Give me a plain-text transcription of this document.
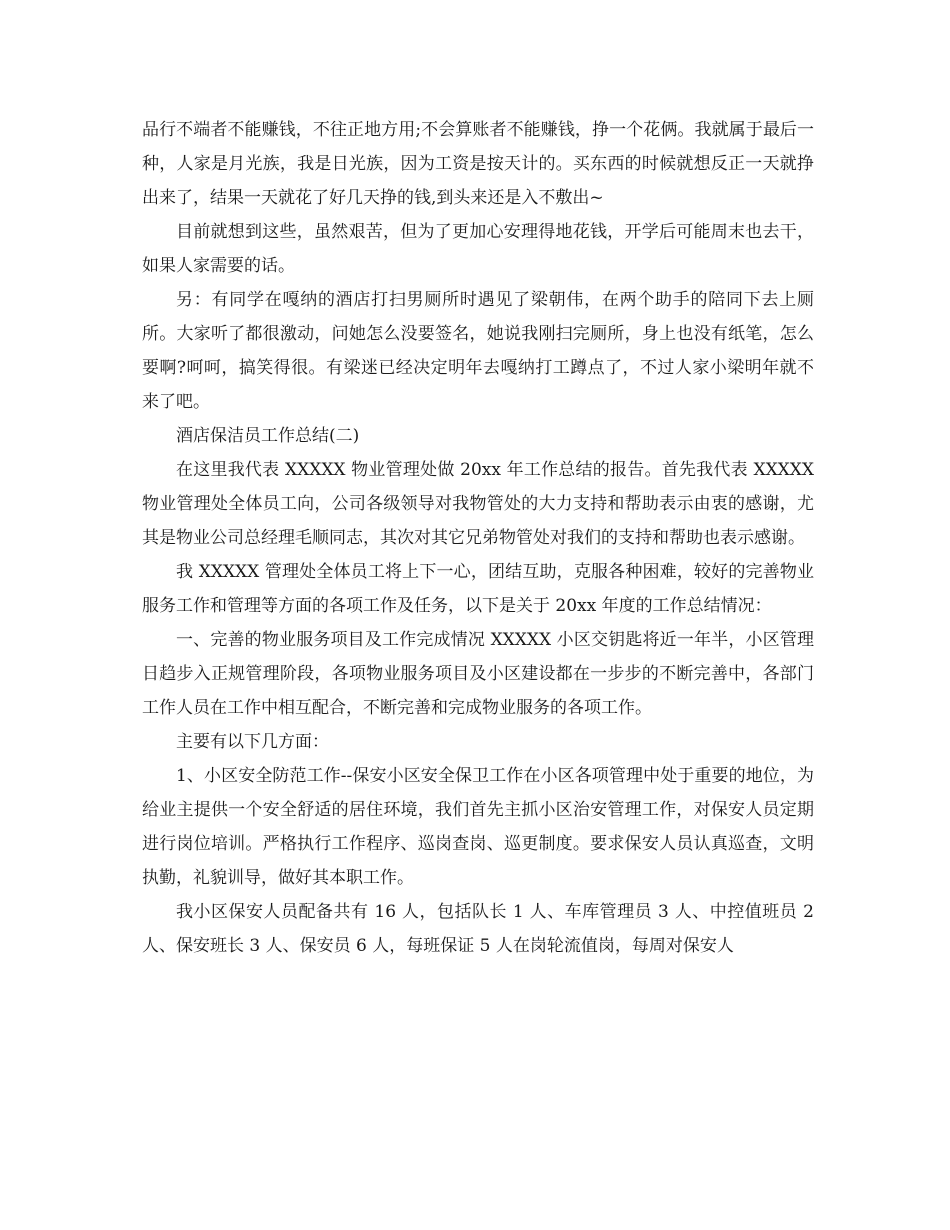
品行不端者不能赚钱，不往正地方用;不会算账者不能赚钱，挣一个花俩。我就属于最后一种，人家是月光族，我是日光族，因为工资是按天计的。买东西的时候就想反正一天就挣出来了，结果一天就花了好几天挣的钱,到头来还是入不敷出~

目前就想到这些，虽然艰苦，但为了更加心安理得地花钱，开学后可能周末也去干，如果人家需要的话。

另：有同学在嘎纳的酒店打扫男厕所时遇见了梁朝伟，在两个助手的陪同下去上厕所。大家听了都很激动，问她怎么没要签名，她说我刚扫完厕所，身上也没有纸笔，怎么要啊?呵呵，搞笑得很。有梁迷已经决定明年去嘎纳打工蹲点了，不过人家小梁明年就不来了吧。

酒店保洁员工作总结(二)

在这里我代表 XXXXX 物业管理处做 20xx 年工作总结的报告。首先我代表 XXXXX 物业管理处全体员工向，公司各级领导对我物管处的大力支持和帮助表示由衷的感谢，尤其是物业公司总经理毛顺同志，其次对其它兄弟物管处对我们的支持和帮助也表示感谢。

我 XXXXX 管理处全体员工将上下一心，团结互助，克服各种困难，较好的完善物业服务工作和管理等方面的各项工作及任务，以下是关于 20xx 年度的工作总结情况：

一、完善的物业服务项目及工作完成情况 XXXXX 小区交钥匙将近一年半，小区管理日趋步入正规管理阶段，各项物业服务项目及小区建设都在一步步的不断完善中，各部门工作人员在工作中相互配合，不断完善和完成物业服务的各项工作。

主要有以下几方面：

1、小区安全防范工作--保安小区安全保卫工作在小区各项管理中处于重要的地位，为给业主提供一个安全舒适的居住环境，我们首先主抓小区治安管理工作，对保安人员定期进行岗位培训。严格执行工作程序、巡岗查岗、巡更制度。要求保安人员认真巡查，文明执勤，礼貌训导，做好其本职工作。

我小区保安人员配备共有 16 人，包括队长 1 人、车库管理员 3 人、中控值班员 2 人、保安班长 3 人、保安员 6 人，每班保证 5 人在岗轮流值岗，每周对保安人
